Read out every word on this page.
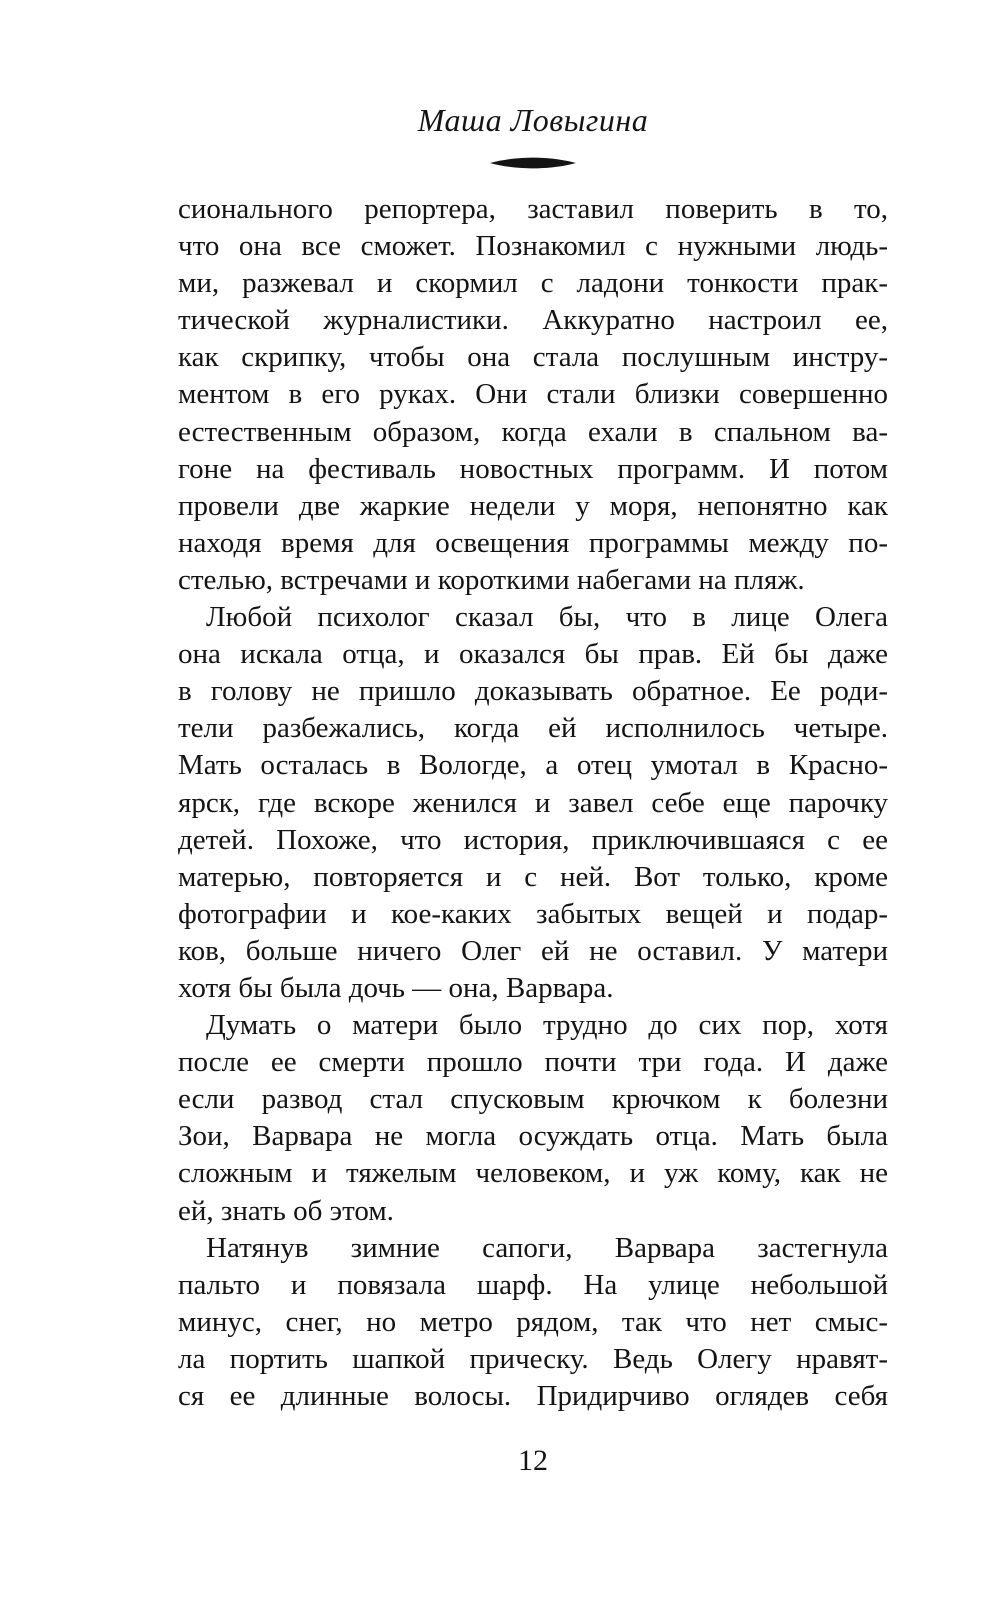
Маша Ловыгина
сионального репортера, заставил поверить в то,
что она все сможет. Познакомил с нужными людь-
ми, разжевал и скормил с ладони тонкости прак-
тической журналистики. Аккуратно настроил ее,
как скрипку, чтобы она стала послушным инстру-
ментом в его руках. Они стали близки совершенно
естественным образом, когда ехали в спальном ва-
гоне на фестиваль новостных программ. И потом
провели две жаркие недели у моря, непонятно как
находя время для освещения программы между по-
стелью, встречами и короткими набегами на пляж.
Любой психолог сказал бы, что в лице Олега
она искала отца, и оказался бы прав. Ей бы даже
в голову не пришло доказывать обратное. Ее роди-
тели разбежались, когда ей исполнилось четыре.
Мать осталась в Вологде, а отец умотал в Красно-
ярск, где вскоре женился и завел себе еще парочку
детей. Похоже, что история, приключившаяся с ее
матерью, повторяется и с ней. Вот только, кроме
фотографии и кое-каких забытых вещей и подар-
ков, больше ничего Олег ей не оставил. У матери
хотя бы была дочь — она, Варвара.
Думать о матери было трудно до сих пор, хотя
после ее смерти прошло почти три года. И даже
если развод стал спусковым крючком к болезни
Зои, Варвара не могла осуждать отца. Мать была
сложным и тяжелым человеком, и уж кому, как не
ей, знать об этом.
Натянув зимние сапоги, Варвара застегнула
пальто и повязала шарф. На улице небольшой
минус, снег, но метро рядом, так что нет смыс-
ла портить шапкой прическу. Ведь Олегу нравят-
ся ее длинные волосы. Придирчиво оглядев себя
12
